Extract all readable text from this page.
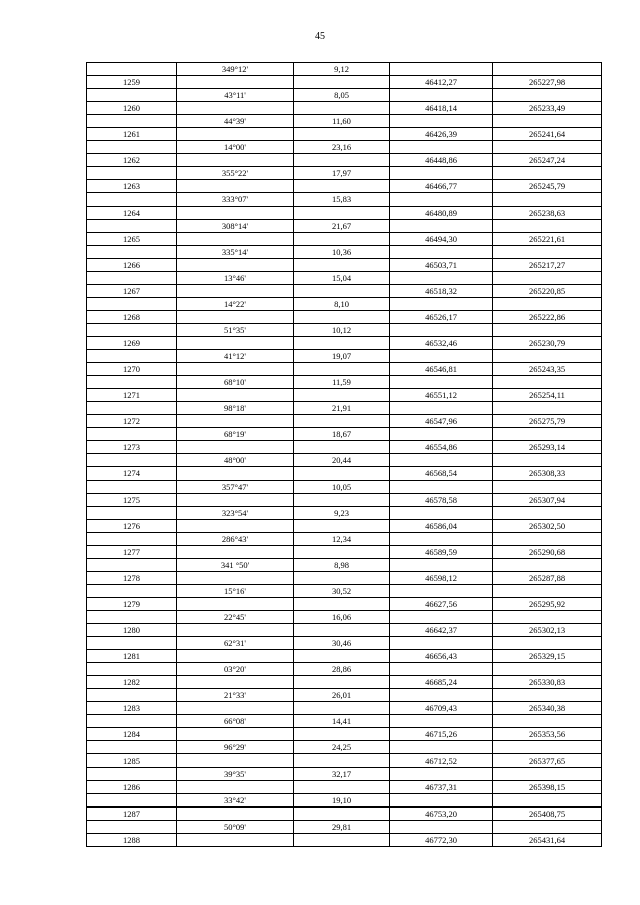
45
	349°12'	9,12		
1259			46412,27	265227,98
	43°11'	8,05		
1260			46418,14	265233,49
	44°39'	11,60		
1261			46426,39	265241,64
	14°00'	23,16		
1262			46448,86	265247,24
	355°22'	17,97		
1263			46466,77	265245,79
	333°07'	15,83		
1264			46480,89	265238,63
	308°14'	21,67		
1265			46494,30	265221,61
	335°14'	10,36		
1266			46503,71	265217,27
	13°46'	15,04		
1267			46518,32	265220,85
	14°22'	8,10		
1268			46526,17	265222,86
	51°35'	10,12		
1269			46532,46	265230,79
	41°12'	19,07		
1270			46546,81	265243,35
	68°10'	11,59		
1271			46551,12	265254,11
	98°18'	21,91		
1272			46547,96	265275,79
	68°19'	18,67		
1273			46554,86	265293,14
	48°00'	20,44		
1274			46568,54	265308,33
	357°47'	10,05		
1275			46578,58	265307,94
	323°54'	9,23		
1276			46586,04	265302,50
	286°43'	12,34		
1277			46589,59	265290,68
	341 °50'	8,98		
1278			46598,12	265287,88
	15°16'	30,52		
1279			46627,56	265295,92
	22°45'	16,06		
1280			46642,37	265302,13
	62°31'	30,46		
1281			46656,43	265329,15
	03°20'	28,86		
1282			46685,24	265330,83
	21°33'	26,01		
1283			46709,43	265340,38
	66°08'	14,41		
1284			46715,26	265353,56
	96°29'	24,25		
1285			46712,52	265377,65
	39°35'	32,17		
1286			46737,31	265398,15
	33°42'	19,10		
1287			46753,20	265408,75
	50°09'	29,81		
1288			46772,30	265431,64
